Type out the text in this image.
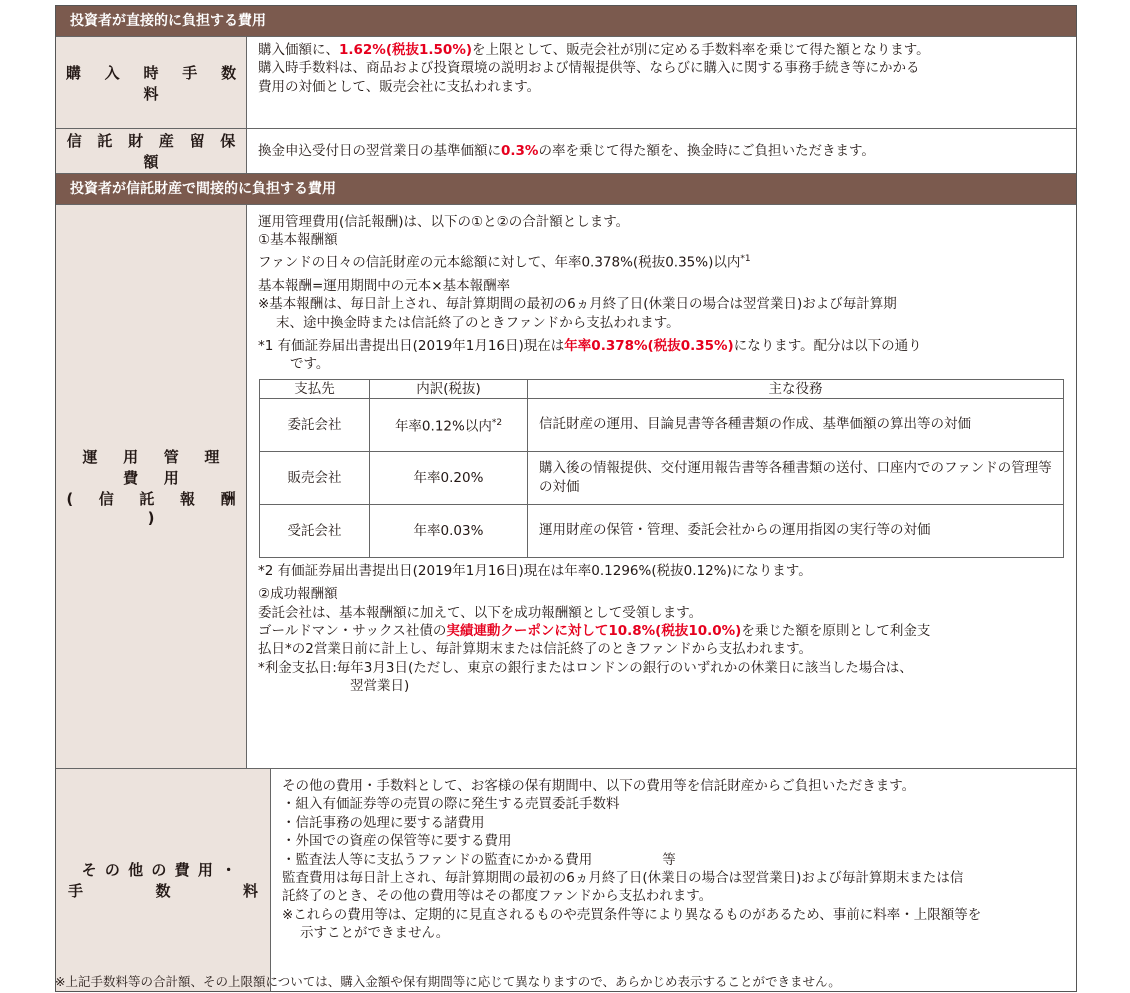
投資者が直接的に負担する費用
購 入 時 手 数 料
購入価額に、1.62%(税抜1.50%)を上限として、販売会社が別に定める手数料率を乗じて得た額となります。
購入時手数料は、商品および投資環境の説明および情報提供等、ならびに購入に関する事務手続き等にかかる
費用の対価として、販売会社に支払われます。
信 託 財 産 留 保 額
換金申込受付日の翌営業日の基準価額に0.3%の率を乗じて得た額を、換金時にご負担いただきます。
投資者が信託財産で間接的に負担する費用
運 用 管 理 費 用
( 信 託 報 酬 )
運用管理費用(信託報酬)は、以下の①と②の合計額とします。
①基本報酬額
ファンドの日々の信託財産の元本総額に対して、年率0.378%(税抜0.35%)以内$^{*1}$
基本報酬=運用期間中の元本×基本報酬率
※基本報酬は、毎日計上され、毎計算期間の最初の6ヵ月終了日(休業日の場合は翌営業日)および毎計算期
末、途中換金時または信託終了のときファンドから支払われます。
*1 有価証券届出書提出日(2019年1月16日)現在は年率0.378%(税抜0.35%)になります。配分は以下の通り
です。
支払先	内訳(税抜)	主な役務
委託会社	年率0.12%以内$^{*2}$	信託財産の運用、目論見書等各種書類の作成、基準価額の算出等の対価
販売会社	年率0.20%	購入後の情報提供、交付運用報告書等各種書類の送付、口座内でのファンドの管理等の対価
受託会社	年率0.03%	運用財産の保管・管理、委託会社からの運用指図の実行等の対価
*2 有価証券届出書提出日(2019年1月16日)現在は年率0.1296%(税抜0.12%)になります。
②成功報酬額
委託会社は、基本報酬額に加えて、以下を成功報酬額として受領します。
ゴールドマン・サックス社債の実績連動クーポンに対して10.8%(税抜10.0%)を乗じた額を原則として利金支
払日*の2営業日前に計上し、毎計算期末または信託終了のときファンドから支払われます。
*利金支払日:毎年3月3日(ただし、東京の銀行またはロンドンの銀行のいずれかの休業日に該当した場合は、
翌営業日)
その他の費用・
手	数	料
その他の費用・手数料として、お客様の保有期間中、以下の費用等を信託財産からご負担いただきます。
・組入有価証券等の売買の際に発生する売買委託手数料
・信託事務の処理に要する諸費用
・外国での資産の保管等に要する費用
・監査法人等に支払うファンドの監査にかかる費用	等
監査費用は毎日計上され、毎計算期間の最初の6ヵ月終了日(休業日の場合は翌営業日)および毎計算期末または信
託終了のとき、その他の費用等はその都度ファンドから支払われます。
※これらの費用等は、定期的に見直されるものや売買条件等により異なるものがあるため、事前に料率・上限額等を
示すことができません。
※上記手数料等の合計額、その上限額については、購入金額や保有期間等に応じて異なりますので、あらかじめ表示することができません。
